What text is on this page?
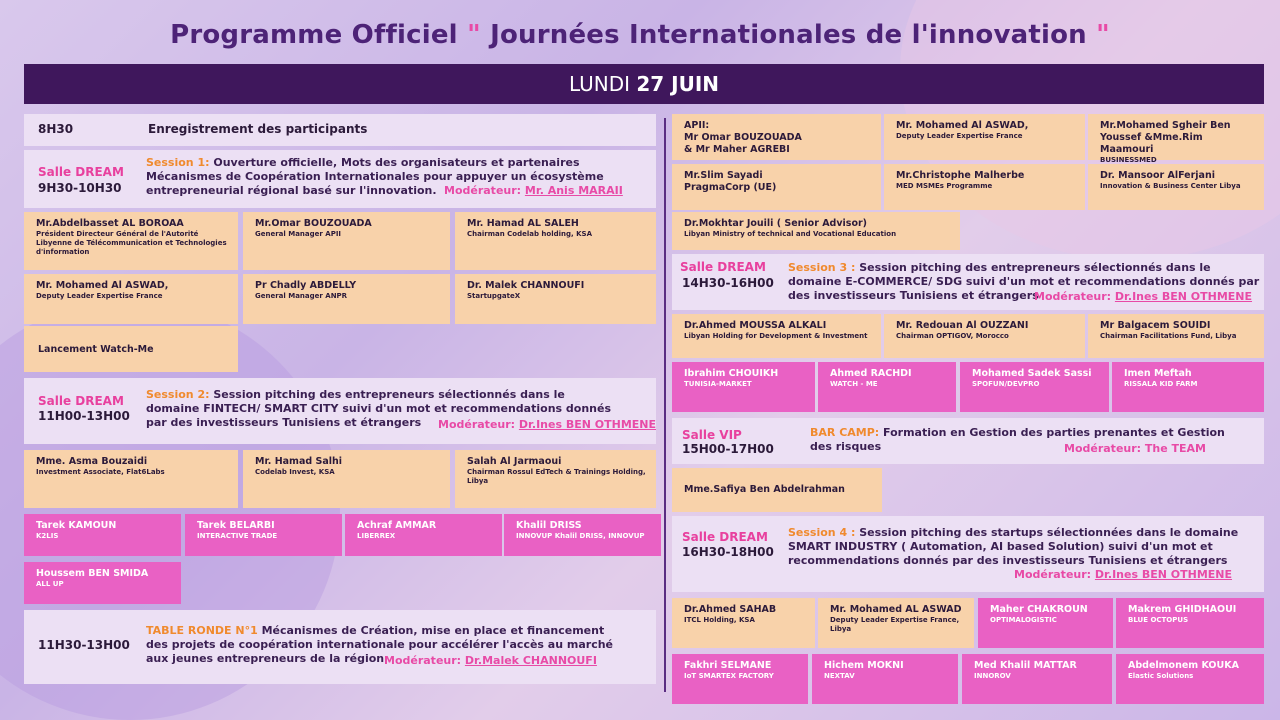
Programme Officiel " Journées Internationales de l'innovation "
LUNDI 27 JUIN
8H30	Enregistrement des participants
Salle DREAM
9H30-10H30
Session 1: Ouverture officielle, Mots des organisateurs et partenaires Mécanismes de Coopération Internationales pour appuyer un écosystème entrepreneurial régional basé sur l'innovation. Modérateur: Mr. Anis MARAII
Lancement Watch-Me
Salle DREAM
11H00-13H00
Session 2: Session pitching des entrepreneurs sélectionnés dans le domaine FINTECH/ SMART CITY suivi d'un mot et recommendations donnés par des investisseurs Tunisiens et étrangers	Modérateur: Dr.Ines BEN OTHMENE
11H30-13H00
TABLE RONDE N°1 Mécanismes de Création, mise en place et financement des projets de coopération internationale pour accélérer l'accès au marché aux jeunes entrepreneurs de la région Modérateur: Dr.Malek CHANNOUFI
Salle DREAM
14H30-16H00
Session 3 : Session pitching des entrepreneurs sélectionnés dans le domaine E-COMMERCE/ SDG suivi d'un mot et recommendations donnés par des investisseurs Tunisiens et étrangers
Modérateur: Dr.Ines BEN OTHMENE
Salle VIP
15H00-17H00
BAR CAMP: Formation en Gestion des parties prenantes et Gestion des risques	Modérateur: The TEAM
Mme.Safiya Ben Abdelrahman
Salle DREAM
16H30-18H00
Session 4 : Session pitching des startups sélectionnées dans le domaine SMART INDUSTRY ( Automation, AI based Solution) suivi d'un mot et recommendations donnés par des investisseurs Tunisiens et étrangers
Modérateur: Dr.Ines BEN OTHMENE
Mr.Abdelbasset AL BOROAA
Président Directeur Général de l'Autorité Libyenne de Télécommunication et Technologies d'information
Mr.Omar BOUZOUADA
General Manager APII
Mr. Hamad AL SALEH
Chairman Codelab holding, KSA
Mr. Mohamed Al ASWAD,
Deputy Leader Expertise France
Pr Chadly ABDELLY
General Manager ANPR
Dr. Malek CHANNOUFI
StartupgateX
Mme. Asma Bouzaidi
Investment Associate, Flat6Labs
Mr. Hamad Salhi
Codelab Invest, KSA
Salah Al Jarmaoui
Chairman Rossul EdTech & Trainings Holding, Libya
Tarek KAMOUN
K2LIS
Tarek BELARBI
INTERACTIVE TRADE
Achraf AMMAR
LIBERREX
Khalil DRISS
INNOVUP Khalil DRISS, INNOVUP
Houssem BEN SMIDA
ALL UP
APII:
Mr Omar BOUZOUADA
& Mr Maher AGREBI
Mr. Mohamed Al ASWAD,
Deputy Leader Expertise France
Mr.Mohamed Sgheir Ben Youssef &Mme.Rim Maamouri
BUSINESSMED
Mr.Slim Sayadi
PragmaCorp (UE)
Mr.Christophe Malherbe
MED MSMEs Programme
Dr. Mansoor AlFerjani
Innovation & Business Center Libya
Dr.Mokhtar Jouili ( Senior Advisor)
Libyan Ministry of technical and Vocational Education
Dr.Ahmed MOUSSA ALKALI
Libyan Holding for Development & Investment
Mr. Redouan Al OUZZANI
Chairman OPTIGOV, Morocco
Mr Balgacem SOUIDI
Chairman Facilitations Fund, Libya
Ibrahim CHOUIKH
TUNISIA-MARKET
Ahmed RACHDI
WATCH - ME
Mohamed Sadek Sassi
SPOFUN/DEVPRO
Imen Meftah
RISSALA KID FARM
Dr.Ahmed SAHAB
ITCL Holding, KSA
Mr. Mohamed AL ASWAD
Deputy Leader Expertise France, Libya
Maher CHAKROUN
OPTIMALOGISTIC
Makrem GHIDHAOUI
BLUE OCTOPUS
Fakhri SELMANE
IoT SMARTEX FACTORY
Hichem MOKNI
NEXTAV
Med Khalil MATTAR
INNOROV
Abdelmonem KOUKA
Elastic Solutions
